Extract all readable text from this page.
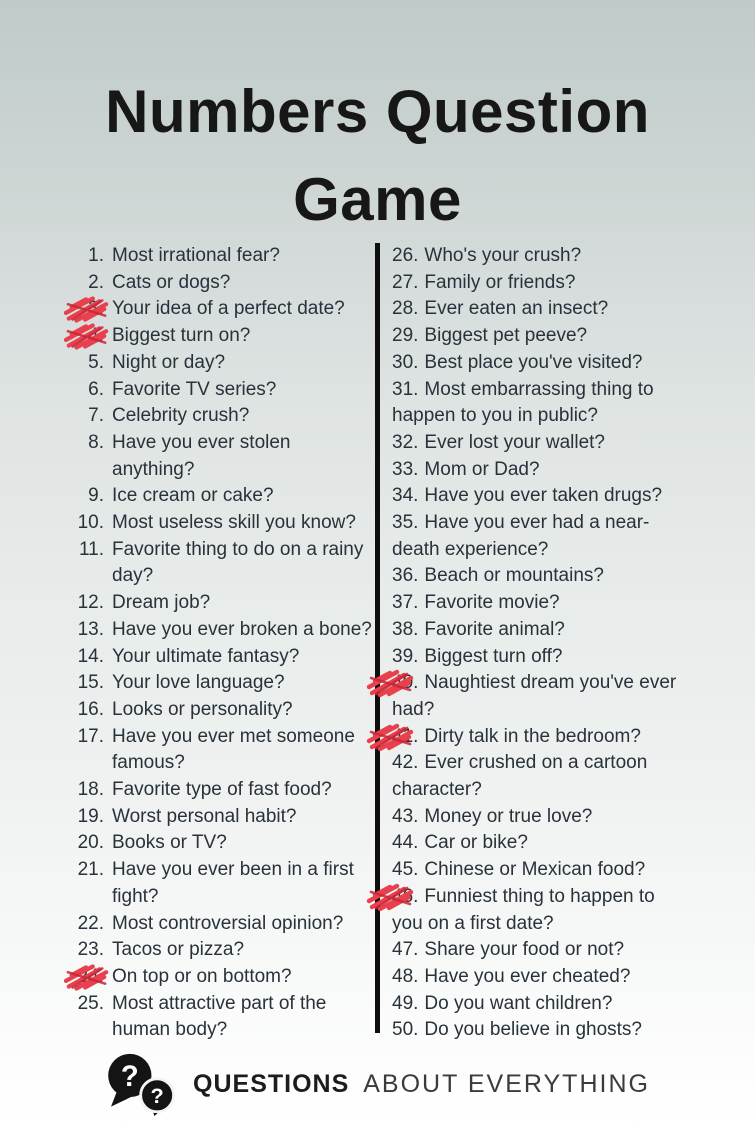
Numbers Question
Game
1. Most irrational fear?
2. Cats or dogs?
3. Your idea of a perfect date?
4. Biggest turn on?
5. Night or day?
6. Favorite TV series?
7. Celebrity crush?
8. Have you ever stolen anything?
9. Ice cream or cake?
10. Most useless skill you know?
11. Favorite thing to do on a rainy day?
12. Dream job?
13. Have you ever broken a bone?
14. Your ultimate fantasy?
15. Your love language?
16. Looks or personality?
17. Have you ever met someone famous?
18. Favorite type of fast food?
19. Worst personal habit?
20. Books or TV?
21. Have you ever been in a first fight?
22. Most controversial opinion?
23. Tacos or pizza?
24. On top or on bottom?
25. Most attractive part of the human body?
26. Who's your crush?
27. Family or friends?
28. Ever eaten an insect?
29. Biggest pet peeve?
30. Best place you've visited?
31. Most embarrassing thing to happen to you in public?
32. Ever lost your wallet?
33. Mom or Dad?
34. Have you ever taken drugs?
35. Have you ever had a near-death experience?
36. Beach or mountains?
37. Favorite movie?
38. Favorite animal?
39. Biggest turn off?
40. Naughtiest dream you've ever had?
41. Dirty talk in the bedroom?
42. Ever crushed on a cartoon character?
43. Money or true love?
44. Car or bike?
45. Chinese or Mexican food?
46. Funniest thing to happen to you on a first date?
47. Share your food or not?
48. Have you ever cheated?
49. Do you want children?
50. Do you believe in ghosts?
?
? QUESTIONS ABOUT EVERYTHING
